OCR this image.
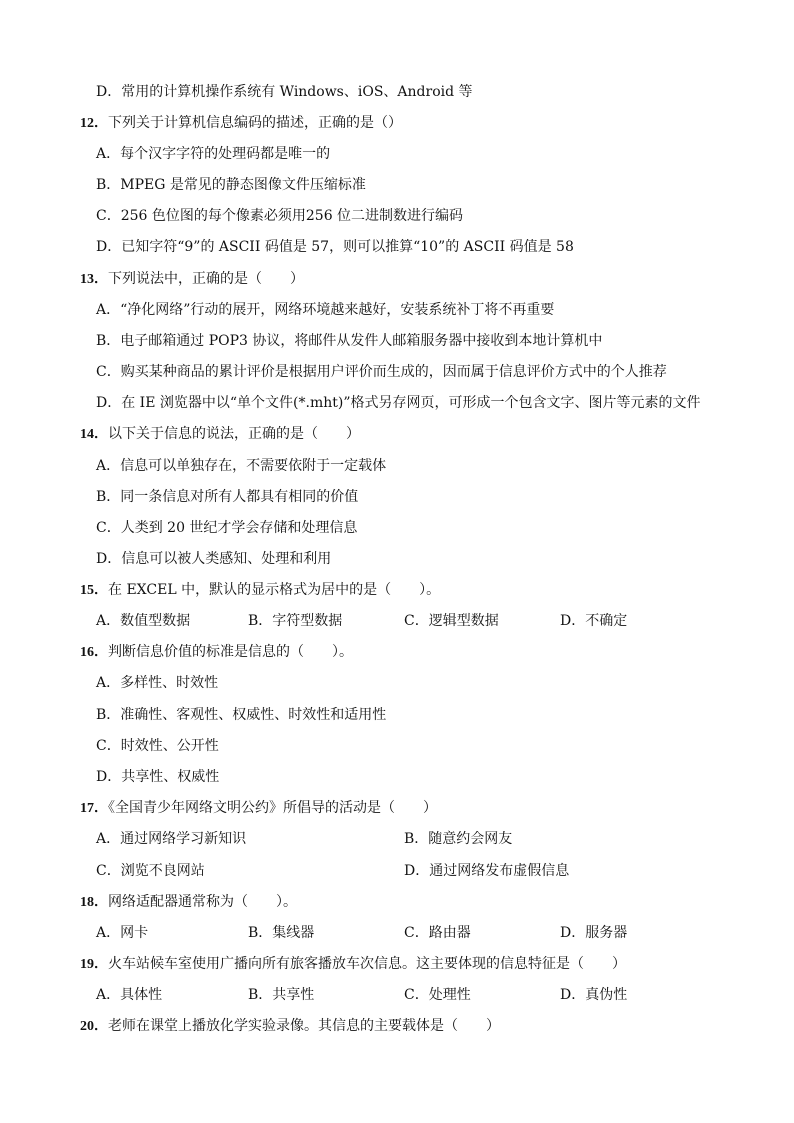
D．常用的计算机操作系统有 Windows、iOS、Android 等
12．下列关于计算机信息编码的描述，正确的是（）
A．每个汉字字符的处理码都是唯一的
B．MPEG 是常见的静态图像文件压缩标准
C．256 色位图的每个像素必须用256 位二进制数进行编码
D．已知字符“9”的 ASCII 码值是 57，则可以推算“10”的 ASCII 码值是 58
13．下列说法中，正确的是（　　）
A．“净化网络”行动的展开，网络环境越来越好，安装系统补丁将不再重要
B．电子邮箱通过 POP3 协议，将邮件从发件人邮箱服务器中接收到本地计算机中
C．购买某种商品的累计评价是根据用户评价而生成的，因而属于信息评价方式中的个人推荐
D．在 IE 浏览器中以“单个文件(*.mht)”格式另存网页，可形成一个包含文字、图片等元素的文件
14．以下关于信息的说法，正确的是（　　）
A．信息可以单独存在，不需要依附于一定载体
B．同一条信息对所有人都具有相同的价值
C．人类到 20 世纪才学会存储和处理信息
D．信息可以被人类感知、处理和利用
15．在 EXCEL 中，默认的显示格式为居中的是（　　）。
A．数值型数据	B．字符型数据	C．逻辑型数据	D．不确定
16．判断信息价值的标准是信息的（　　）。
A．多样性、时效性
B．准确性、客观性、权威性、时效性和适用性
C．时效性、公开性
D．共享性、权威性
17．《全国青少年网络文明公约》所倡导的活动是（　　）
A．通过网络学习新知识	B．随意约会网友
C．浏览不良网站	D．通过网络发布虚假信息
18．网络适配器通常称为（　　）。
A．网卡	B．集线器	C．路由器	D．服务器
19．火车站候车室使用广播向所有旅客播放车次信息。这主要体现的信息特征是（　　）
A．具体性	B．共享性	C．处理性	D．真伪性
20．老师在课堂上播放化学实验录像。其信息的主要载体是（　　）
